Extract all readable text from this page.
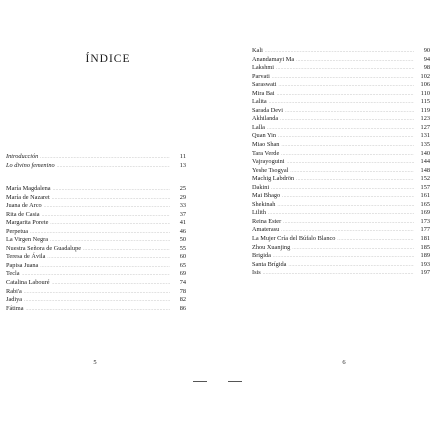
ÍNDICE
Introducción .....	11
Lo divino femenino .....	13
María Magdalena .....	25
María de Nazaret .....	29
Juana de Arco .....	33
Rita de Casia .....	37
Margarita Porete .....	41
Perpetua .....	46
La Virgen Negra .....	50
Nuestra Señora de Guadalupe .....	55
Teresa de Ávila .....	60
Papisa Juana .....	65
Tecla .....	69
Catalina Labouré .....	74
Rabi'a .....	78
Jadiya .....	82
Fátima .....	86
5
Kali .....	90
Anandamayi Ma .....	94
Lakshmi .....	98
Parvati .....	102
Saraswati .....	106
Mira Bai .....	110
Lalita .....	115
Sarada Devi .....	119
Akhilanda .....	123
Lalla .....	127
Quan Yin .....	131
Miao Shan .....	135
Tara Verde .....	140
Vajrayoguini .....	144
Yeshe Tsogyal .....	148
Machig Labdrön .....	152
Dakini .....	157
Mai Bhago .....	161
Shekinah .....	165
Lilith .....	169
Reina Ester .....	173
Amaterasu .....	177
La Mujer Cría del Búfalo Blanco .....	181
Zhou Xuanjing .....	185
Brigida .....	189
Santa Brígida .....	193
Isis .....	197
6
